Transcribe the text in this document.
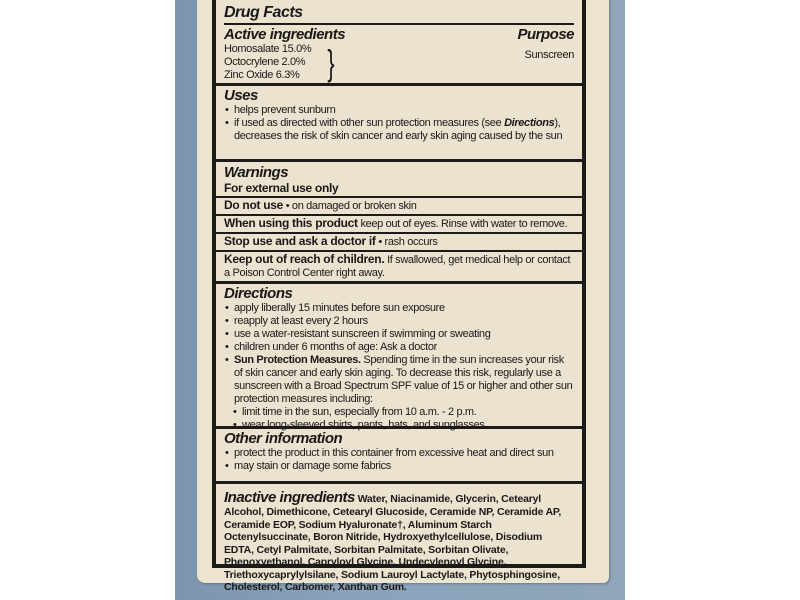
Drug Facts
Active ingredients
Homosalate 15.0%
Octocrylene 2.0%
Zinc Oxide 6.3% }
Purpose
Sunscreen
Uses
• helps prevent sunburn
• if used as directed with other sun protection measures (see Directions), decreases the risk of skin cancer and early skin aging caused by the sun
Warnings
For external use only
Do not use • on damaged or broken skin
When using this product keep out of eyes. Rinse with water to remove.
Stop use and ask a doctor if • rash occurs
Keep out of reach of children. If swallowed, get medical help or contact a Poison Control Center right away.
Directions
• apply liberally 15 minutes before sun exposure
• reapply at least every 2 hours
• use a water-resistant sunscreen if swimming or sweating
• children under 6 months of age: Ask a doctor
• Sun Protection Measures. Spending time in the sun increases your risk of skin cancer and early skin aging. To decrease this risk, regularly use a sunscreen with a Broad Spectrum SPF value of 15 or higher and other sun protection measures including:
• limit time in the sun, especially from 10 a.m. - 2 p.m.
• wear long-sleeved shirts, pants, hats, and sunglasses
Other information
• protect the product in this container from excessive heat and direct sun
• may stain or damage some fabrics
Inactive ingredients Water, Niacinamide, Glycerin, Cetearyl Alcohol, Dimethicone, Cetearyl Glucoside, Ceramide NP, Ceramide AP, Ceramide EOP, Sodium Hyaluronate†, Aluminum Starch Octenylsuccinate, Boron Nitride, Hydroxyethylcellulose, Disodium EDTA, Cetyl Palmitate, Sorbitan Palmitate, Sorbitan Olivate, Phenoxyethanol, Capryloyl Glycine, Undecylenoyl Glycine, Triethoxycaprylylsilane, Sodium Lauroyl Lactylate, Phytosphingosine, Cholesterol, Carbomer, Xanthan Gum.
